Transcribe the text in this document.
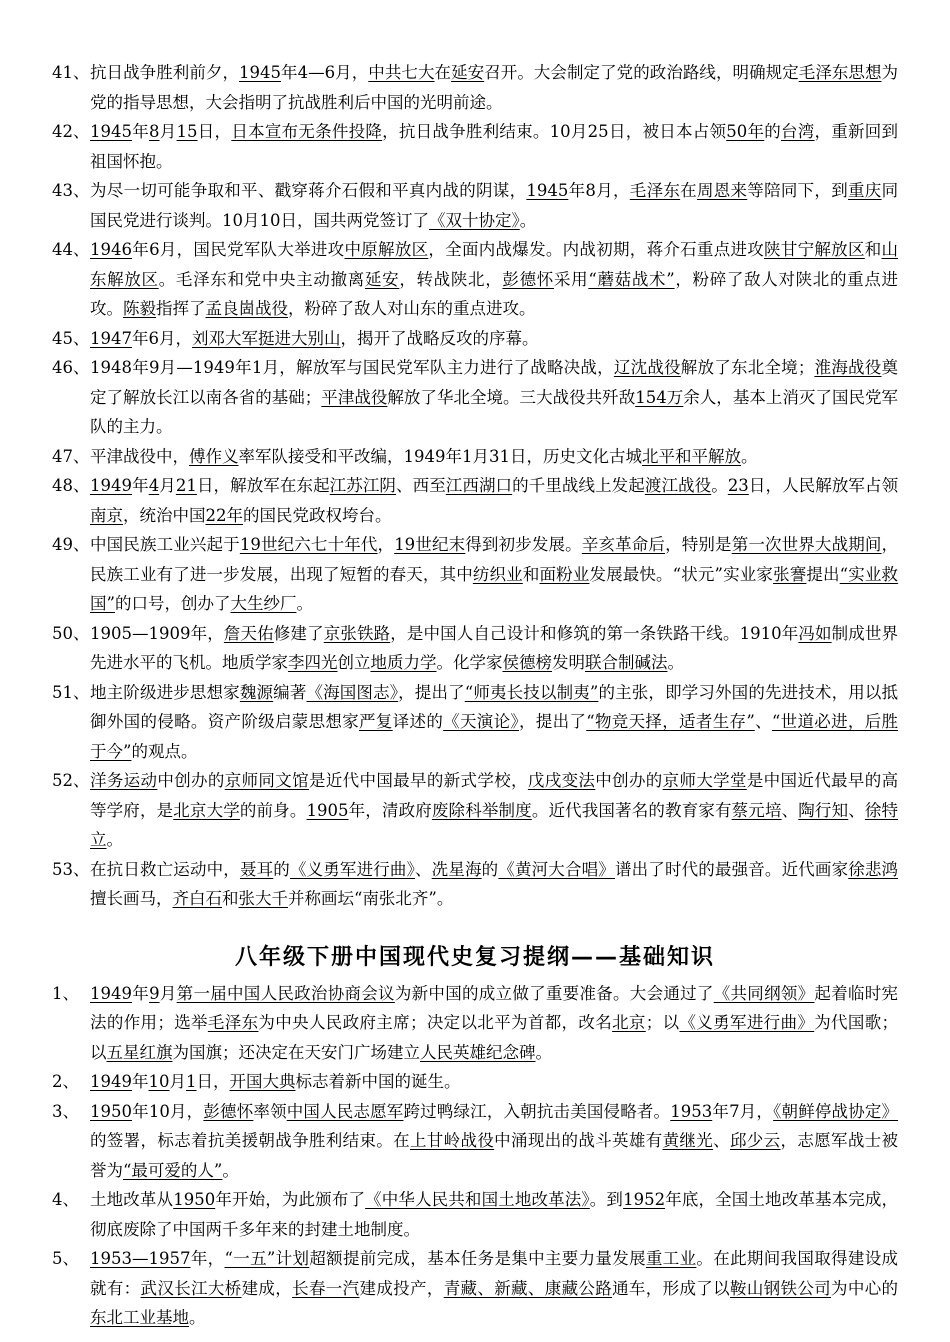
41、 抗日战争胜利前夕，1945年4—6月，中共七大在延安召开。大会制定了党的政治路线，明确规定毛泽东思想为党的指导思想，大会指明了抗战胜利后中国的光明前途。

42、 1945年8月15日，日本宣布无条件投降，抗日战争胜利结束。10月25日，被日本占领50年的台湾，重新回到祖国怀抱。

43、 为尽一切可能争取和平、戳穿蒋介石假和平真内战的阴谋，1945年8月，毛泽东在周恩来等陪同下，到重庆同国民党进行谈判。10月10日，国共两党签订了《双十协定》。

44、 1946年6月，国民党军队大举进攻中原解放区，全面内战爆发。内战初期，蒋介石重点进攻陕甘宁解放区和山东解放区。毛泽东和党中央主动撤离延安，转战陕北，彭德怀采用“蘑菇战术”，粉碎了敌人对陕北的重点进攻。陈毅指挥了孟良崮战役，粉碎了敌人对山东的重点进攻。

45、 1947年6月，刘邓大军挺进大别山，揭开了战略反攻的序幕。

46、 1948年9月—1949年1月，解放军与国民党军队主力进行了战略决战，辽沈战役解放了东北全境；淮海战役奠定了解放长江以南各省的基础；平津战役解放了华北全境。三大战役共歼敌154万余人，基本上消灭了国民党军队的主力。

47、 平津战役中，傅作义率军队接受和平改编，1949年1月31日，历史文化古城北平和平解放。

48、 1949年4月21日，解放军在东起江苏江阴、西至江西湖口的千里战线上发起渡江战役。23日，人民解放军占领南京，统治中国22年的国民党政权垮台。

49、 中国民族工业兴起于19世纪六七十年代，19世纪末得到初步发展。辛亥革命后，特别是第一次世界大战期间，民族工业有了进一步发展，出现了短暂的春天，其中纺织业和面粉业发展最快。“状元”实业家张謇提出“实业救国”的口号，创办了大生纱厂。

50、 1905—1909年，詹天佑修建了京张铁路，是中国人自己设计和修筑的第一条铁路干线。1910年冯如制成世界先进水平的飞机。地质学家李四光创立地质力学。化学家侯德榜发明联合制碱法。

51、 地主阶级进步思想家魏源编著《海国图志》，提出了“师夷长技以制夷”的主张，即学习外国的先进技术，用以抵御外国的侵略。资产阶级启蒙思想家严复译述的《天演论》，提出了“物竞天择，适者生存”、“世道必进，后胜于今”的观点。

52、 洋务运动中创办的京师同文馆是近代中国最早的新式学校，戊戌变法中创办的京师大学堂是中国近代最早的高等学府，是北京大学的前身。1905年，清政府废除科举制度。近代我国著名的教育家有蔡元培、陶行知、徐特立。

53、 在抗日救亡运动中，聂耳的《义勇军进行曲》、冼星海的《黄河大合唱》谱出了时代的最强音。近代画家徐悲鸿擅长画马，齐白石和张大千并称画坛“南张北齐”。

八年级下册中国现代史复习提纲——基础知识

1、 1949年9月第一届中国人民政治协商会议为新中国的成立做了重要准备。大会通过了《共同纲领》起着临时宪法的作用；选举毛泽东为中央人民政府主席；决定以北平为首都，改名北京；以《义勇军进行曲》为代国歌；以五星红旗为国旗；还决定在天安门广场建立人民英雄纪念碑。

2、 1949年10月1日，开国大典标志着新中国的诞生。

3、 1950年10月，彭德怀率领中国人民志愿军跨过鸭绿江，入朝抗击美国侵略者。1953年7月，《朝鲜停战协定》的签署，标志着抗美援朝战争胜利结束。在上甘岭战役中涌现出的战斗英雄有黄继光、邱少云，志愿军战士被誉为“最可爱的人”。

4、 土地改革从1950年开始，为此颁布了《中华人民共和国土地改革法》。到1952年底，全国土地改革基本完成，彻底废除了中国两千多年来的封建土地制度。

5、 1953—1957年，“一五”计划超额提前完成，基本任务是集中主要力量发展重工业。在此期间我国取得建设成就有：武汉长江大桥建成，长春一汽建成投产，青藏、新藏、康藏公路通车，形成了以鞍山钢铁公司为中心的东北工业基地。
